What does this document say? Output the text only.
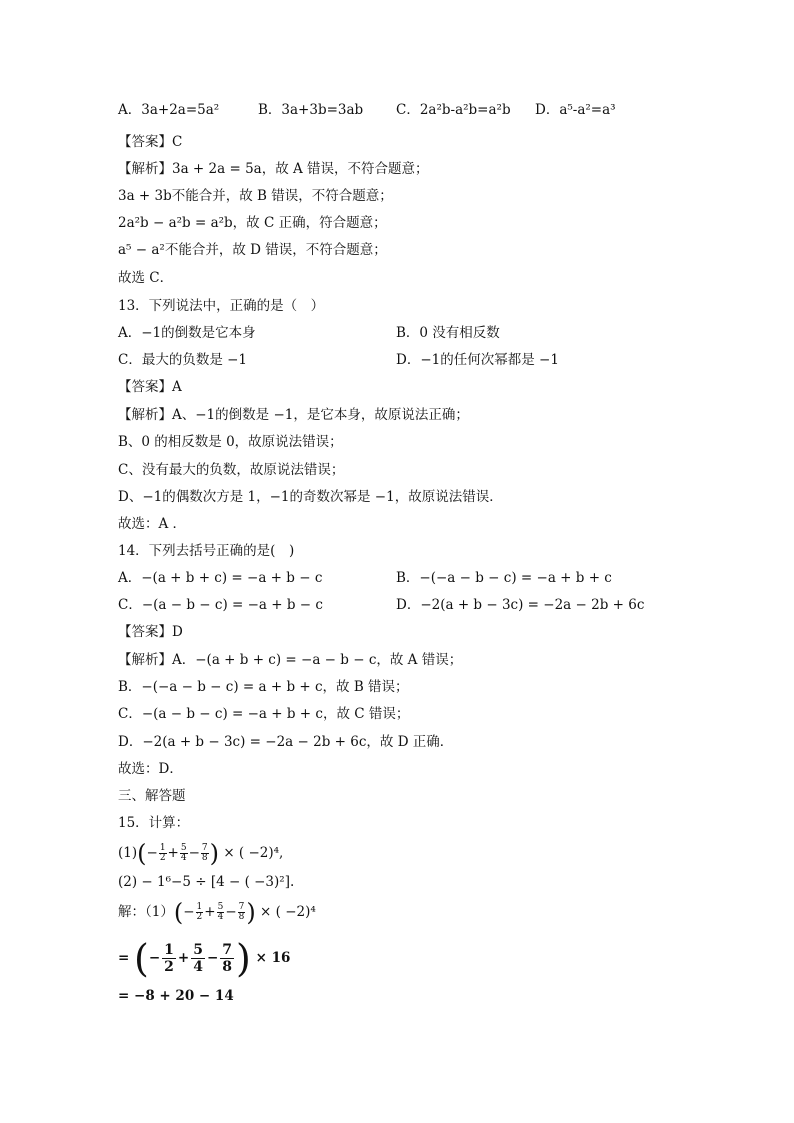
A．3a+2a=5a²	B．3a+3b=3ab C．2a²b-a²b=a²b D．a⁵-a²=a³
【答案】C
【解析】3a + 2a = 5a，故 A 错误，不符合题意；
3a + 3b不能合并，故 B 错误，不符合题意；
2a²b − a²b = a²b，故 C 正确，符合题意；
a⁵ − a²不能合并，故 D 错误，不符合题意；
故选 C．
13．下列说法中，正确的是（　）
A．−1的倒数是它本身	B．0 没有相反数
C．最大的负数是 −1	D．−1的任何次幂都是 −1
【答案】A
【解析】A、−1的倒数是 −1，是它本身，故原说法正确；
B、0 的相反数是 0，故原说法错误；
C、没有最大的负数，故原说法错误；
D、−1的偶数次方是 1，−1的奇数次幂是 −1，故原说法错误．
故选：A ．
14．下列去括号正确的是(　)
A．−(a + b + c) = −a + b − c	B．−(−a − b − c) = −a + b + c
C．−(a − b − c) = −a + b − c	D．−2(a + b − 3c) = −2a − 2b + 6c
【答案】D
【解析】A．−(a + b + c) = −a − b − c，故 A 错误；
B．−(−a − b − c) = a + b + c，故 B 错误；
C．−(a − b − c) = −a + b + c，故 C 错误；
D．−2(a + b − 3c) = −2a − 2b + 6c，故 D 正确．
故选：D．
三、解答题
15．计算：
$(1)(- \frac{1}{2} + \frac{5}{4} - \frac{7}{8}$ ) × ( −2)⁴,
(2) − 1⁶−5 ÷ [4 − ( −3)²].
解：$(1)(- \frac{1}{2} + \frac{5}{4} - \frac{7}{8}$ ) × ( −2)⁴
= (− $\frac{1}{2} + \frac{5}{4} - \frac{7}{8}$ ) × 16
= −8 + 20 − 14
